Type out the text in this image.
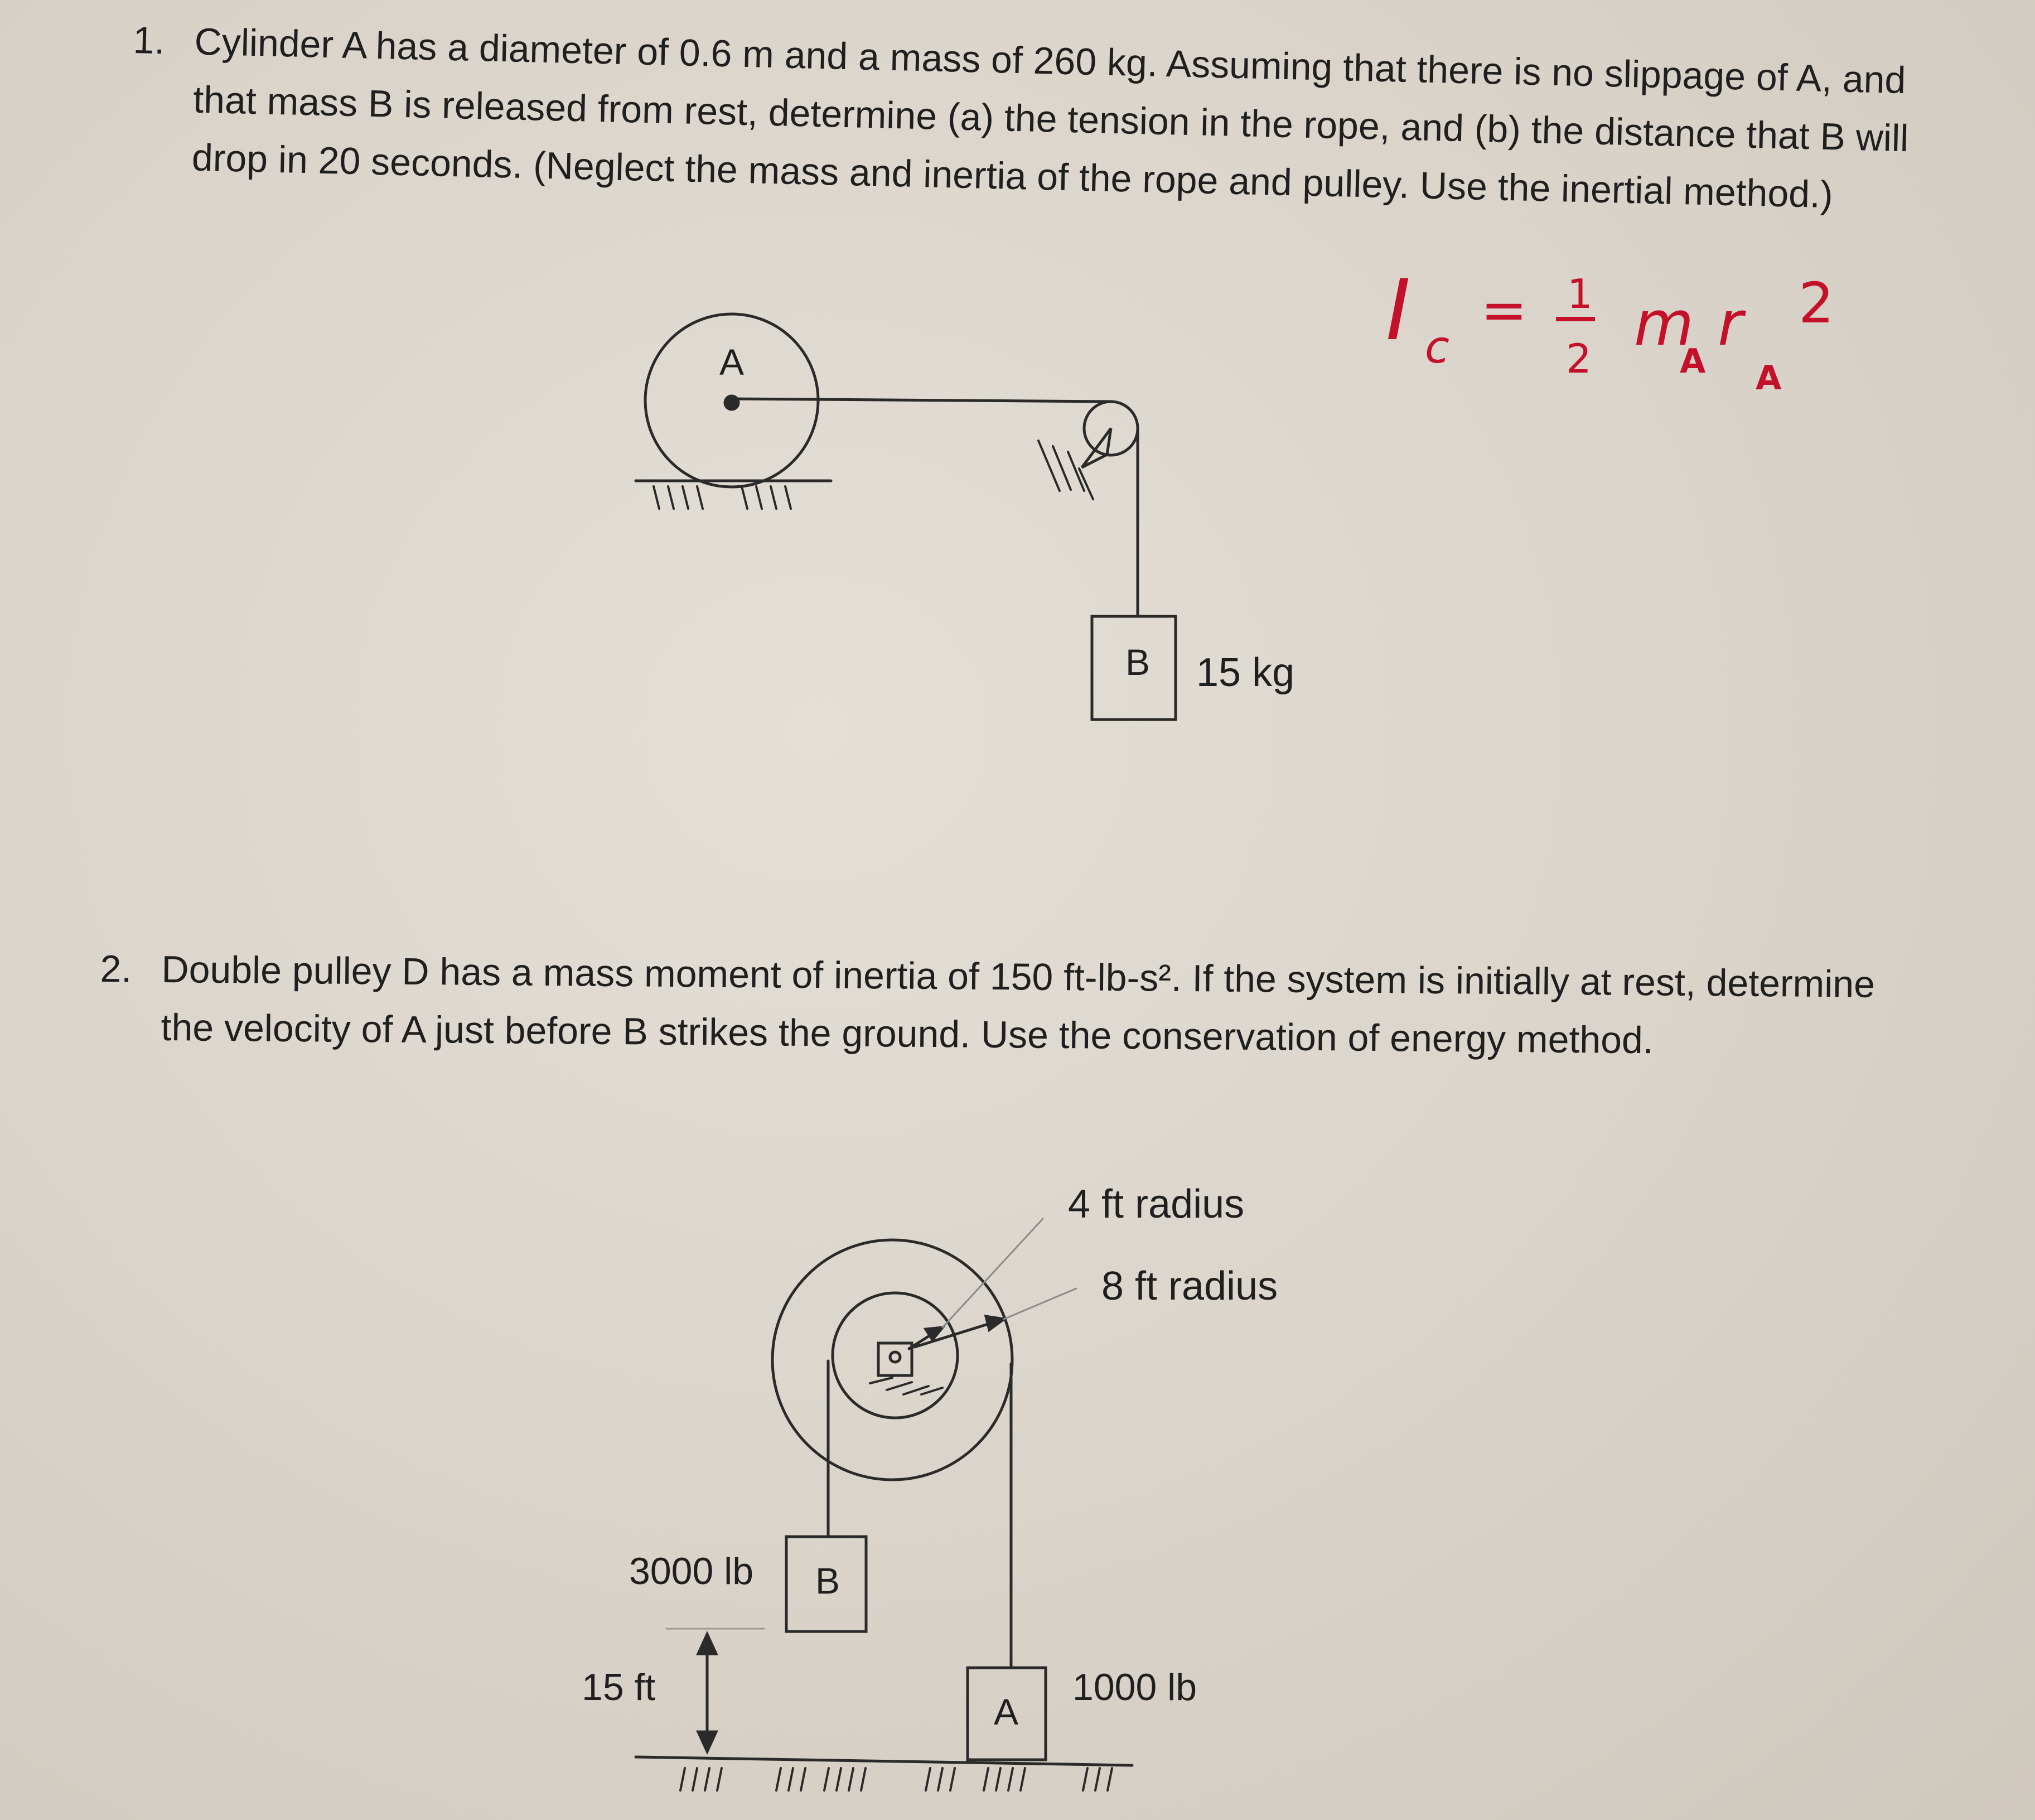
1. Cylinder A has a diameter of 0.6 m and a mass of 260 kg. Assuming that there is no slippage of A, and that mass B is released from rest, determine (a) the tension in the rope, and (b) the distance that B will drop in 20 seconds. (Neglect the mass and inertia of the rope and pulley. Use the inertial method.)
2. Double pulley D has a mass moment of inertia of 150 ft-lb-s². If the system is initially at rest, determine the velocity of A just before B strikes the ground. Use the conservation of energy method.
A
B 15 kg
I c
= 1
2 m
A
r
A
2
4 ft radius
8 ft radius
B
3000 lb
A
1000 lb
15 ft
